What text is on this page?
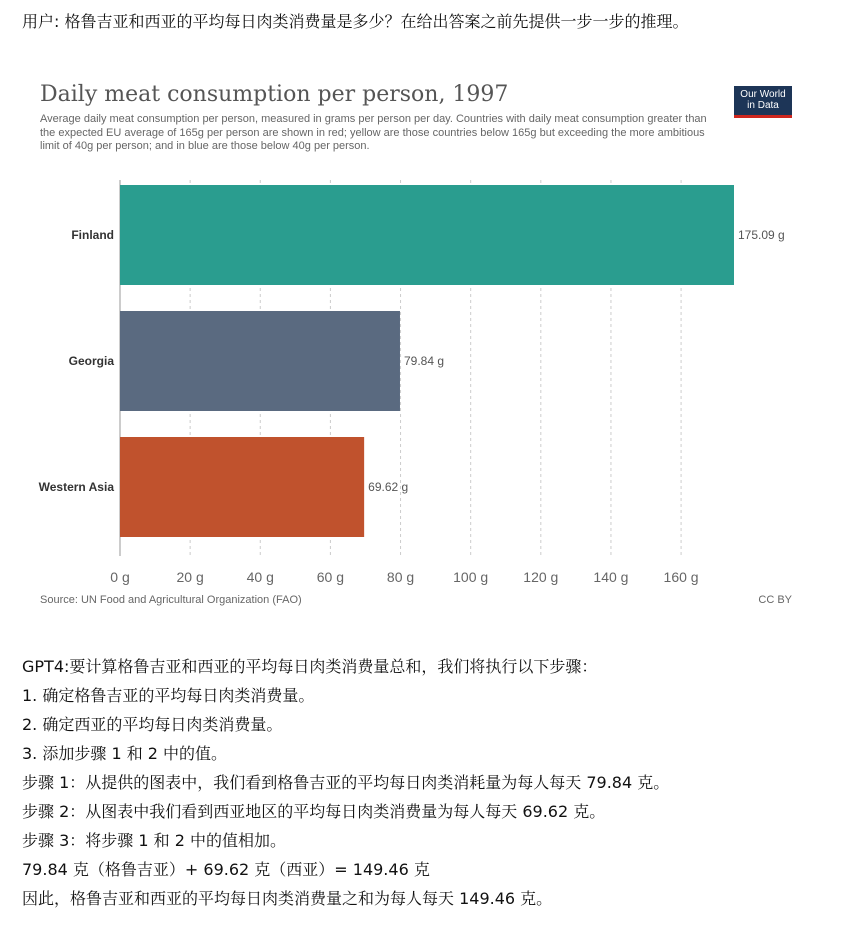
用户: 格鲁吉亚和西亚的平均每日肉类消费量是多少？在给出答案之前先提供一步一步的推理。
0 g	20 g	40 g	60 g	80 g	100 g	120 g	140 g	160 g
Finland	175.09 g
Georgia	79.84 g
Western Asia	69.62 g
Daily meat consumption per person, 1997
Average daily meat consumption per person, measured in grams per person per day. Countries with daily meat consumption greater than the expected EU average of 165g per person are shown in red; yellow are those countries below 165g but exceeding the more ambitious limit of 40g per person; and in blue are those below 40g per person.
Our World
in Data
Source: UN Food and Agricultural Organization (FAO)	CC BY
GPT4:要计算格鲁吉亚和西亚的平均每日肉类消费量总和，我们将执行以下步骤：
1. 确定格鲁吉亚的平均每日肉类消费量。
2. 确定西亚的平均每日肉类消费量。
3. 添加步骤 1 和 2 中的值。
步骤 1：从提供的图表中，我们看到格鲁吉亚的平均每日肉类消耗量为每人每天 79.84 克。
步骤 2：从图表中我们看到西亚地区的平均每日肉类消费量为每人每天 69.62 克。
步骤 3：将步骤 1 和 2 中的值相加。
79.84 克（格鲁吉亚）+ 69.62 克（西亚）= 149.46 克
因此，格鲁吉亚和西亚的平均每日肉类消费量之和为每人每天 149.46 克。
